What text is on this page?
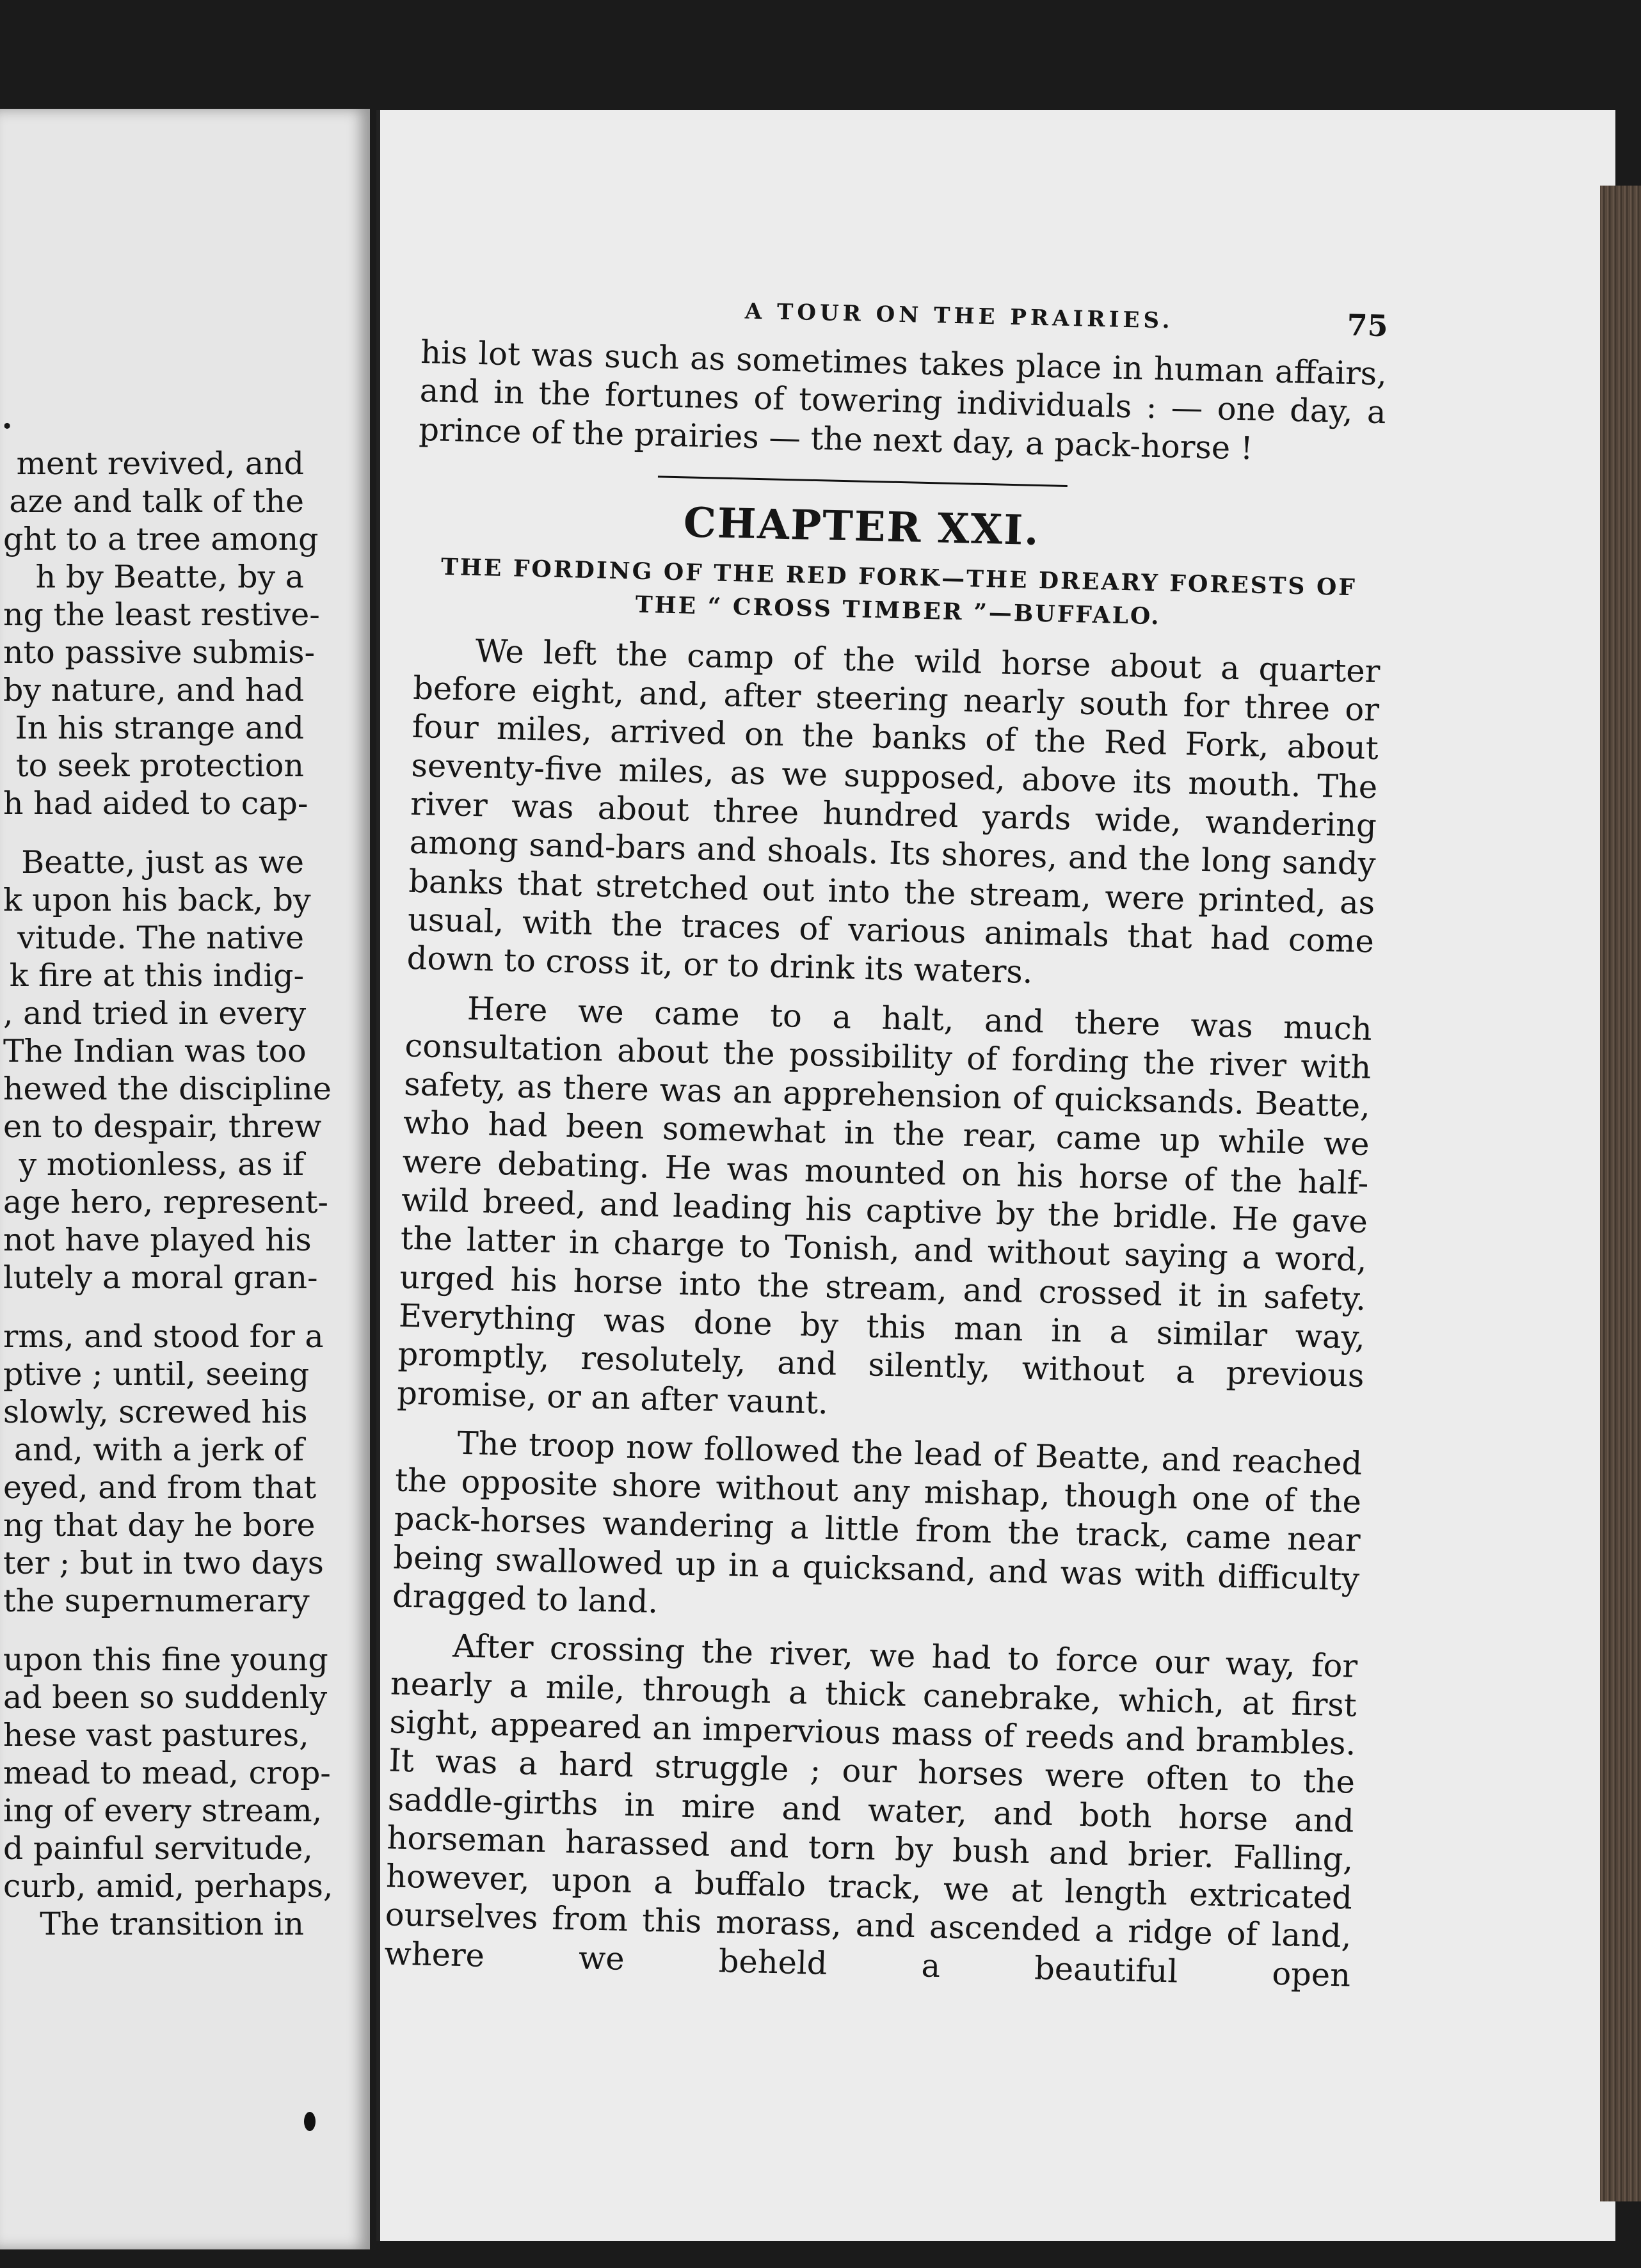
.
ment revived, and
aze and talk of the
ght to a tree among
h by Beatte, by a
ng the least restive-
nto passive submis-
by nature, and had
In his strange and
to seek protection
h had aided to cap-
Beatte, just as we
k upon his back, by
vitude. The native
k fire at this indig-
, and tried in every
The Indian was too
hewed the discipline
en to despair, threw
y motionless, as if
age hero, represent-
not have played his
lutely a moral gran-
rms, and stood for a
ptive ; until, seeing
slowly, screwed his
and, with a jerk of
eyed, and from that
ng that day he bore
ter ; but in two days
the supernumerary
upon this fine young
ad been so suddenly
hese vast pastures,
mead to mead, crop-
ing of every stream,
d painful servitude,
curb, amid, perhaps,
The transition in
A TOUR ON THE PRAIRIES.	75

his lot was such as sometimes takes place in human affairs, and in the fortunes of towering individuals : — one day, a prince of the prairies — the next day, a pack-horse !

CHAPTER XXI.
THE FORDING OF THE RED FORK—THE DREARY FORESTS OF THE “ CROSS TIMBER ”—BUFFALO.

We left the camp of the wild horse about a quarter before eight, and, after steering nearly south for three or four miles, arrived on the banks of the Red Fork, about seventy-five miles, as we supposed, above its mouth. The river was about three hundred yards wide, wandering among sand-bars and shoals. Its shores, and the long sandy banks that stretched out into the stream, were printed, as usual, with the traces of various animals that had come down to cross it, or to drink its waters.

Here we came to a halt, and there was much consultation about the possibility of fording the river with safety, as there was an apprehension of quicksands. Beatte, who had been somewhat in the rear, came up while we were debating. He was mounted on his horse of the half-wild breed, and leading his captive by the bridle. He gave the latter in charge to Tonish, and without saying a word, urged his horse into the stream, and crossed it in safety. Everything was done by this man in a similar way, promptly, resolutely, and silently, without a previous promise, or an after vaunt.

The troop now followed the lead of Beatte, and reached the opposite shore without any mishap, though one of the pack-horses wandering a little from the track, came near being swallowed up in a quicksand, and was with difficulty dragged to land.

After crossing the river, we had to force our way, for nearly a mile, through a thick canebrake, which, at first sight, appeared an impervious mass of reeds and brambles. It was a hard struggle ; our horses were often to the saddle-girths in mire and water, and both horse and horseman harassed and torn by bush and brier. Falling, however, upon a buffalo track, we at length extricated ourselves from this morass, and ascended a ridge of land, where we beheld a beautiful open
